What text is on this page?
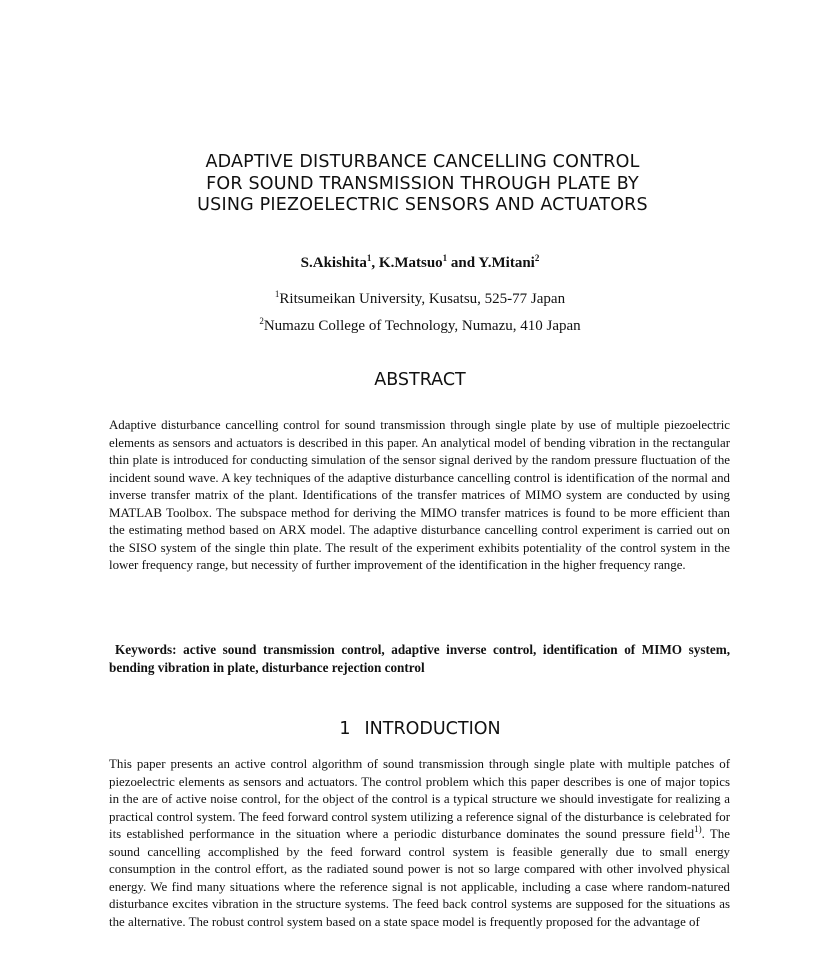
ADAPTIVE DISTURBANCE CANCELLING CONTROL
FOR SOUND TRANSMISSION THROUGH PLATE BY
USING PIEZOELECTRIC SENSORS AND ACTUATORS
S.Akishita$^1$, K.Matsuo$^1$ and Y.Mitani$^2$
$^1$Ritsumeikan University, Kusatsu, 525-77 Japan
$^2$Numazu College of Technology, Numazu, 410 Japan
ABSTRACT
Adaptive disturbance cancelling control for sound transmission through single plate by use of multiple piezoelectric elements as sensors and actuators is described in this paper. An analytical model of bending vibration in the rectangular thin plate is introduced for conducting simulation of the sensor signal derived by the random pressure fluctuation of the incident sound wave. A key techniques of the adaptive disturbance cancelling control is identification of the normal and inverse transfer matrix of the plant. Identifications of the transfer matrices of MIMO system are conducted by using MATLAB Toolbox. The subspace method for deriving the MIMO transfer matrices is found to be more efficient than the estimating method based on ARX model. The adaptive disturbance cancelling control experiment is carried out on the SISO system of the single thin plate. The result of the experiment exhibits potentiality of the control system in the lower frequency range, but necessity of further improvement of the identification in the higher frequency range.
Keywords: active sound transmission control, adaptive inverse control, identification of MIMO system, bending vibration in plate, disturbance rejection control
1 INTRODUCTION
This paper presents an active control algorithm of sound transmission through single plate with multiple patches of piezoelectric elements as sensors and actuators. The control problem which this paper describes is one of major topics in the are of active noise control, for the object of the control is a typical structure we should investigate for realizing a practical control system. The feed forward control system utilizing a reference signal of the disturbance is celebrated for its established performance in the situation where a periodic disturbance dominates the sound pressure field$^{1)}$. The sound cancelling accomplished by the feed forward control system is feasible generally due to small energy consumption in the control effort, as the radiated sound power is not so large compared with other involved physical energy. We find many situations where the reference signal is not applicable, including a case where random-natured disturbance excites vibration in the structure systems. The feed back control systems are supposed for the situations as the alternative. The robust control system based on a state space model is frequently proposed for the advantage of
